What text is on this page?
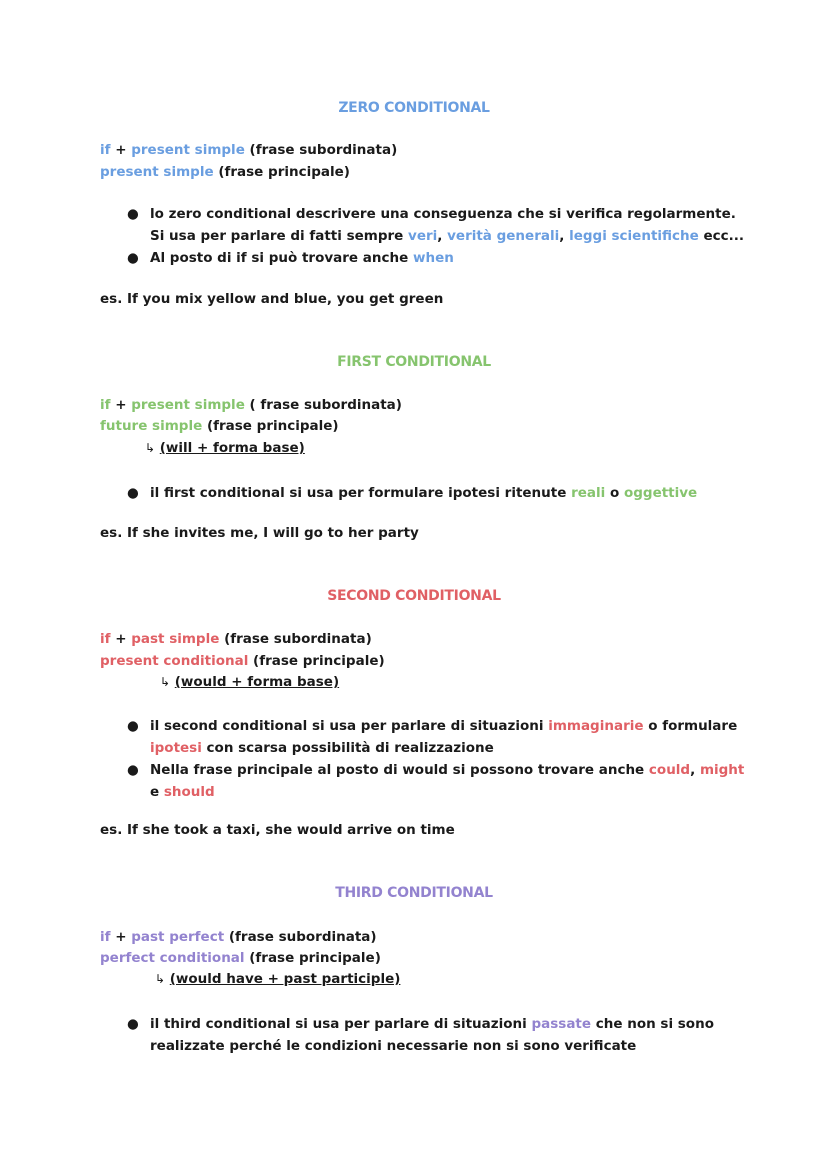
ZERO CONDITIONAL
if + present simple (frase subordinata)
present simple (frase principale)
● lo zero conditional descrivere una conseguenza che si verifica regolarmente.
Si usa per parlare di fatti sempre veri, verità generali, leggi scientifiche ecc...
● Al posto di if si può trovare anche when
es. If you mix yellow and blue, you get green
FIRST CONDITIONAL
if + present simple ( frase subordinata)
future simple (frase principale)
↳ (will + forma base)
● il first conditional si usa per formulare ipotesi ritenute reali o oggettive
es. If she invites me, I will go to her party
SECOND CONDITIONAL
if + past simple (frase subordinata)
present conditional (frase principale)
↳ (would + forma base)
● il second conditional si usa per parlare di situazioni immaginarie o formulare
ipotesi con scarsa possibilità di realizzazione
● Nella frase principale al posto di would si possono trovare anche could, might
e should
es. If she took a taxi, she would arrive on time
THIRD CONDITIONAL
if + past perfect (frase subordinata)
perfect conditional (frase principale)
↳ (would have + past participle)
● il third conditional si usa per parlare di situazioni passate che non si sono
realizzate perché le condizioni necessarie non si sono verificate
